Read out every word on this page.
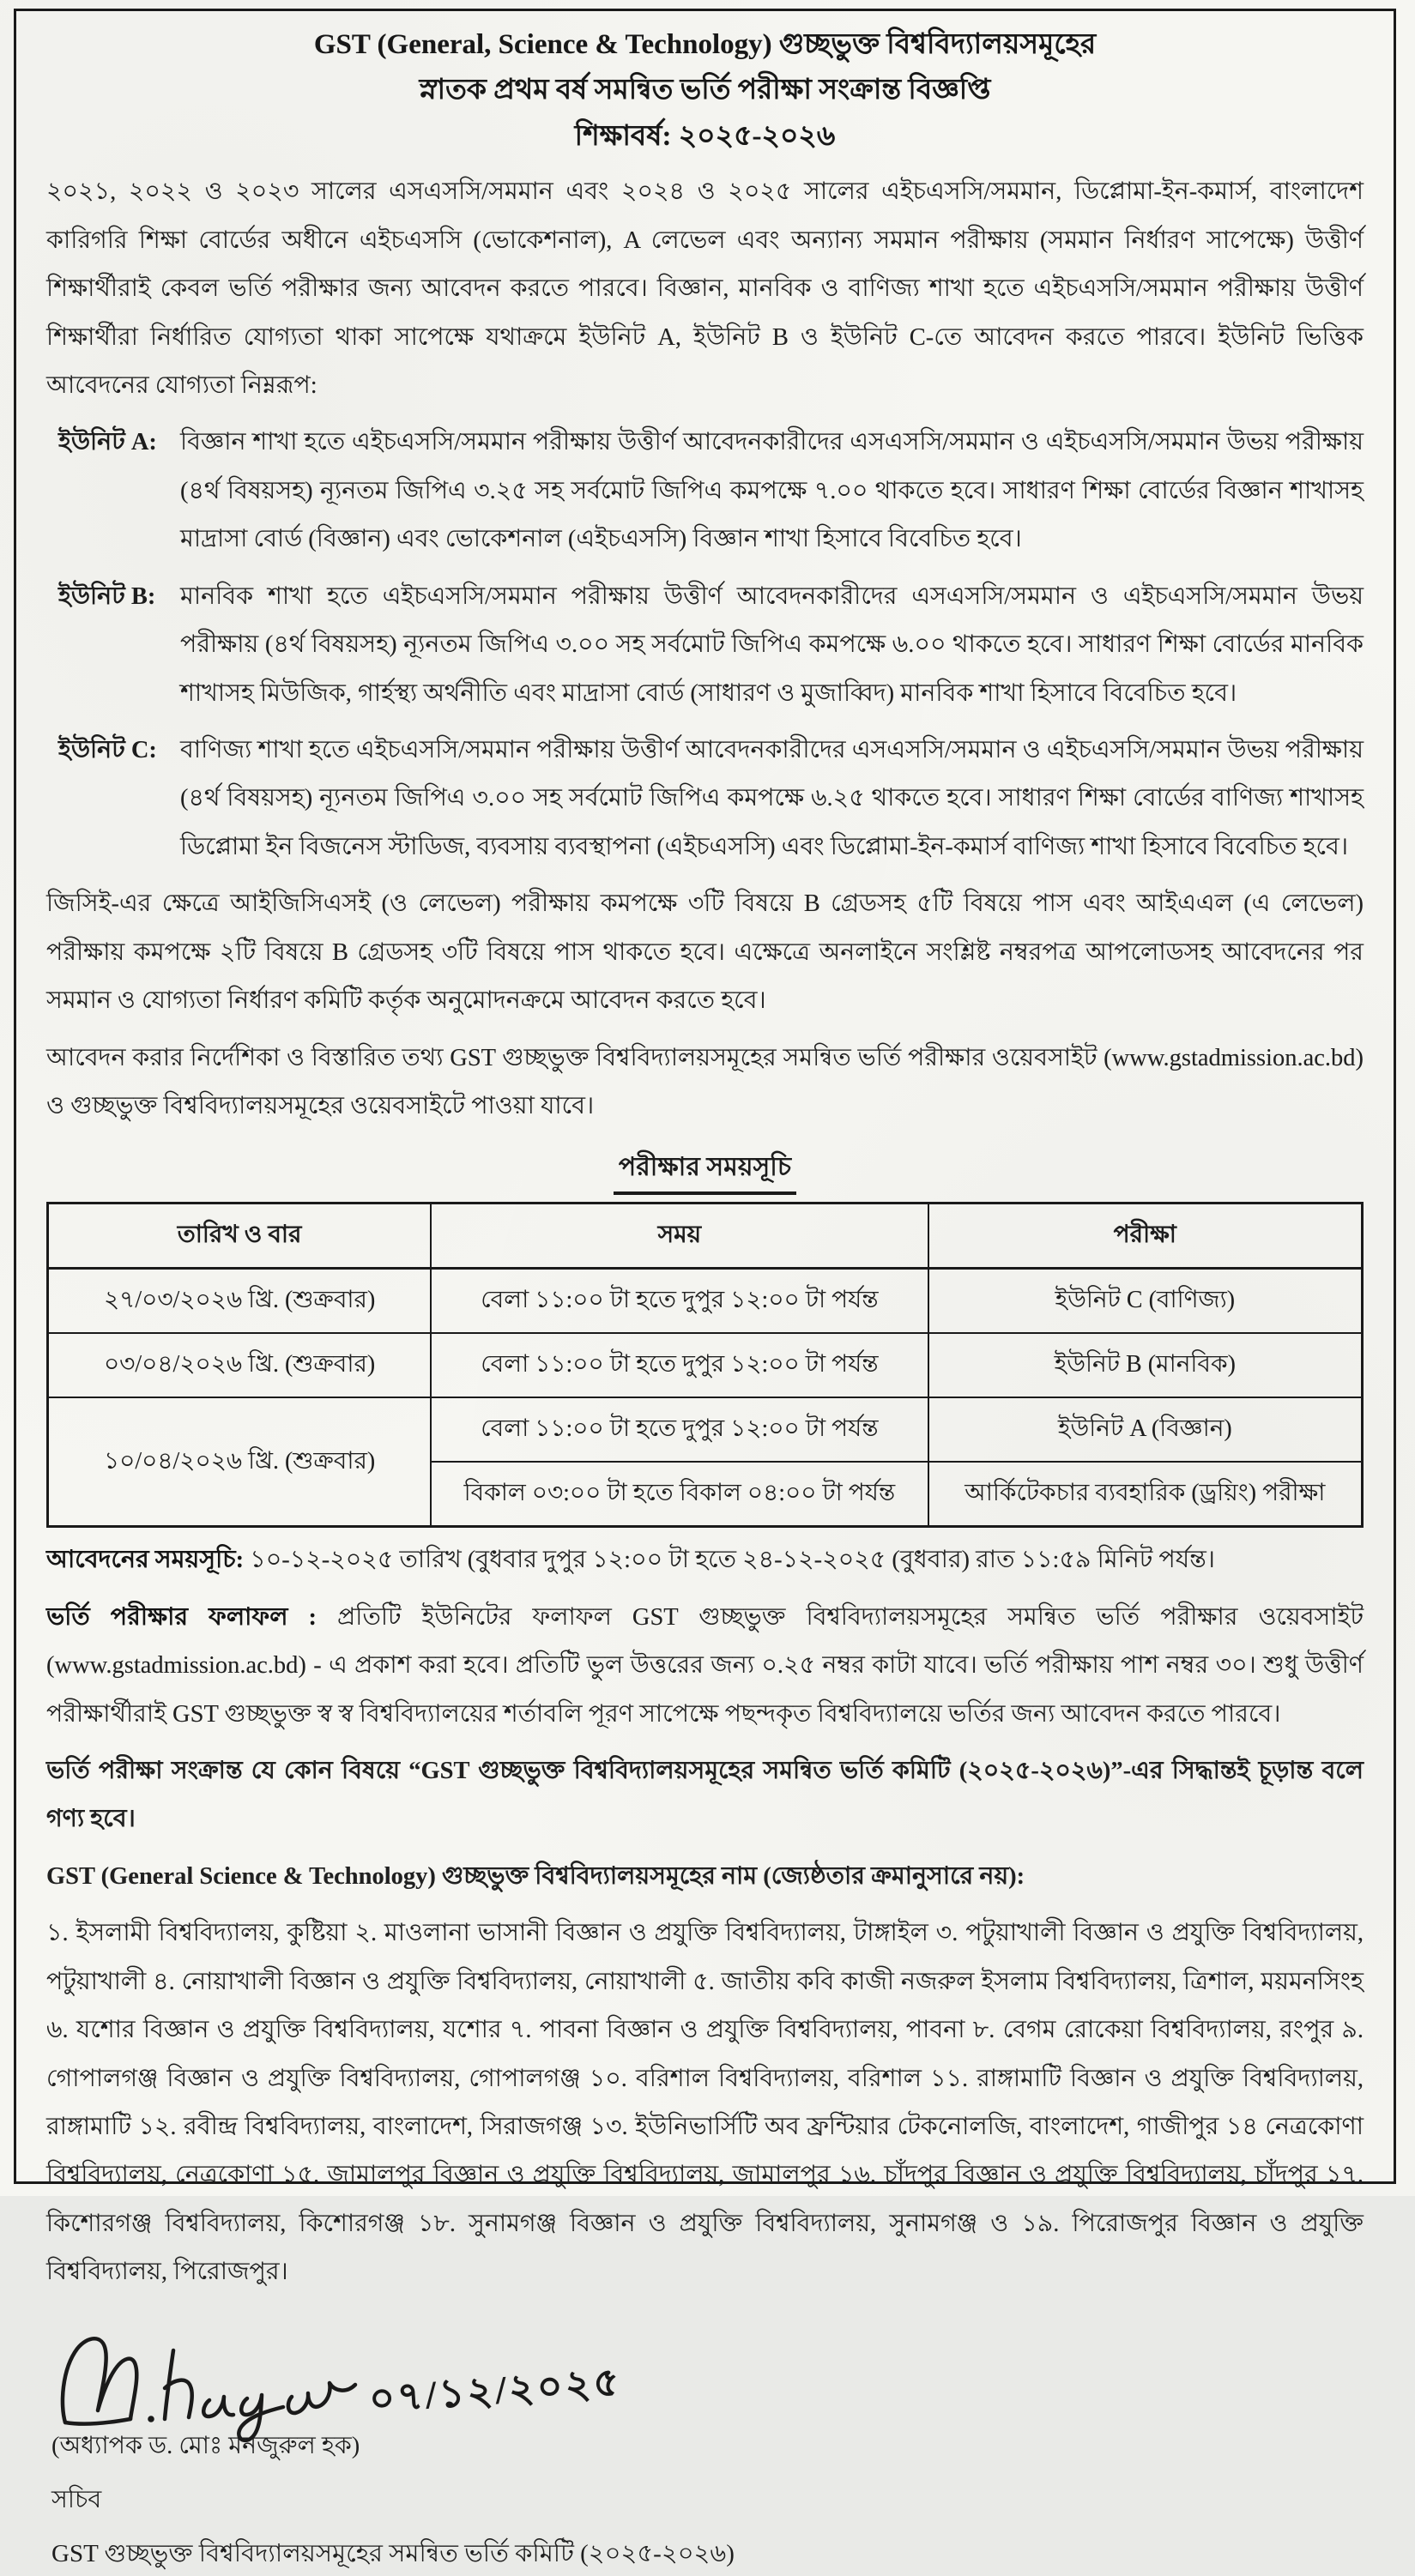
GST (General, Science & Technology) গুচ্ছভুক্ত বিশ্ববিদ্যালয়সমূহের
স্নাতক প্রথম বর্ষ সমন্বিত ভর্তি পরীক্ষা সংক্রান্ত বিজ্ঞপ্তি
শিক্ষাবর্ষ: ২০২৫-২০২৬

২০২১, ২০২২ ও ২০২৩ সালের এসএসসি/সমমান এবং ২০২৪ ও ২০২৫ সালের এইচএসসি/সমমান, ডিপ্লোমা-ইন-কমার্স, বাংলাদেশ কারিগরি শিক্ষা বোর্ডের অধীনে এইচএসসি (ভোকেশনাল), A লেভেল এবং অন্যান্য সমমান পরীক্ষায় (সমমান নির্ধারণ সাপেক্ষে) উত্তীর্ণ শিক্ষার্থীরাই কেবল ভর্তি পরীক্ষার জন্য আবেদন করতে পারবে। বিজ্ঞান, মানবিক ও বাণিজ্য শাখা হতে এইচএসসি/সমমান পরীক্ষায় উত্তীর্ণ শিক্ষার্থীরা নির্ধারিত যোগ্যতা থাকা সাপেক্ষে যথাক্রমে ইউনিট A, ইউনিট B ও ইউনিট C-তে আবেদন করতে পারবে। ইউনিট ভিত্তিক আবেদনের যোগ্যতা নিম্নরূপ:

ইউনিট A: বিজ্ঞান শাখা হতে এইচএসসি/সমমান পরীক্ষায় উত্তীর্ণ আবেদনকারীদের এসএসসি/সমমান ও এইচএসসি/সমমান উভয় পরীক্ষায় (৪র্থ বিষয়সহ) ন্যূনতম জিপিএ ৩.২৫ সহ সর্বমোট জিপিএ কমপক্ষে ৭.০০ থাকতে হবে। সাধারণ শিক্ষা বোর্ডের বিজ্ঞান শাখাসহ মাদ্রাসা বোর্ড (বিজ্ঞান) এবং ভোকেশনাল (এইচএসসি) বিজ্ঞান শাখা হিসাবে বিবেচিত হবে।
ইউনিট B:	মানবিক শাখা হতে এইচএসসি/সমমান পরীক্ষায় উত্তীর্ণ আবেদনকারীদের এসএসসি/সমমান ও এইচএসসি/সমমান উভয় পরীক্ষায় (৪র্থ বিষয়সহ) ন্যূনতম জিপিএ ৩.০০ সহ সর্বমোট জিপিএ কমপক্ষে ৬.০০ থাকতে হবে। সাধারণ শিক্ষা বোর্ডের মানবিক শাখাসহ মিউজিক, গার্হস্থ্য অর্থনীতি এবং মাদ্রাসা বোর্ড (সাধারণ ও মুজাব্বিদ) মানবিক শাখা হিসাবে বিবেচিত হবে।
ইউনিট C: বাণিজ্য শাখা হতে এইচএসসি/সমমান পরীক্ষায় উত্তীর্ণ আবেদনকারীদের এসএসসি/সমমান ও এইচএসসি/সমমান উভয় পরীক্ষায় (৪র্থ বিষয়সহ) ন্যূনতম জিপিএ ৩.০০ সহ সর্বমোট জিপিএ কমপক্ষে ৬.২৫ থাকতে হবে। সাধারণ শিক্ষা বোর্ডের বাণিজ্য শাখাসহ ডিপ্লোমা ইন বিজনেস স্টাডিজ, ব্যবসায় ব্যবস্থাপনা (এইচএসসি) এবং ডিপ্লোমা-ইন-কমার্স বাণিজ্য শাখা হিসাবে বিবেচিত হবে।

জিসিই-এর ক্ষেত্রে আইজিসিএসই (ও লেভেল) পরীক্ষায় কমপক্ষে ৩টি বিষয়ে B গ্রেডসহ ৫টি বিষয়ে পাস এবং আইএএল (এ লেভেল) পরীক্ষায় কমপক্ষে ২টি বিষয়ে B গ্রেডসহ ৩টি বিষয়ে পাস থাকতে হবে। এক্ষেত্রে অনলাইনে সংশ্লিষ্ট নম্বরপত্র আপলোডসহ আবেদনের পর সমমান ও যোগ্যতা নির্ধারণ কমিটি কর্তৃক অনুমোদনক্রমে আবেদন করতে হবে।

আবেদন করার নির্দেশিকা ও বিস্তারিত তথ্য GST গুচ্ছভুক্ত বিশ্ববিদ্যালয়সমূহের সমন্বিত ভর্তি পরীক্ষার ওয়েবসাইট (www.gstadmission.ac.bd) ও গুচ্ছভুক্ত বিশ্ববিদ্যালয়সমূহের ওয়েবসাইটে পাওয়া যাবে।

পরীক্ষার সময়সূচি
তারিখ ও বার	সময়	পরীক্ষা
২৭/০৩/২০২৬ খ্রি. (শুক্রবার)	বেলা ১১:০০ টা হতে দুপুর ১২:০০ টা পর্যন্ত	ইউনিট C (বাণিজ্য)
০৩/০৪/২০২৬ খ্রি. (শুক্রবার)	বেলা ১১:০০ টা হতে দুপুর ১২:০০ টা পর্যন্ত	ইউনিট B (মানবিক)
১০/০৪/২০২৬ খ্রি. (শুক্রবার)	বেলা ১১:০০ টা হতে দুপুর ১২:০০ টা পর্যন্ত	ইউনিট A (বিজ্ঞান)
	বিকাল ০৩:০০ টা হতে বিকাল ০৪:০০ টা পর্যন্ত	আর্কিটেকচার ব্যবহারিক (ড্রয়িং) পরীক্ষা

আবেদনের সময়সূচি: ১০-১২-২০২৫ তারিখ (বুধবার দুপুর ১২:০০ টা হতে ২৪-১২-২০২৫ (বুধবার) রাত ১১:৫৯ মিনিট পর্যন্ত।

ভর্তি পরীক্ষার ফলাফল : প্রতিটি ইউনিটের ফলাফল GST গুচ্ছভুক্ত বিশ্ববিদ্যালয়সমূহের সমন্বিত ভর্তি পরীক্ষার ওয়েবসাইট (www.gstadmission.ac.bd) - এ প্রকাশ করা হবে। প্রতিটি ভুল উত্তরের জন্য ০.২৫ নম্বর কাটা যাবে। ভর্তি পরীক্ষায় পাশ নম্বর ৩০। শুধু উত্তীর্ণ পরীক্ষার্থীরাই GST গুচ্ছভুক্ত স্ব স্ব বিশ্ববিদ্যালয়ের শর্তাবলি পূরণ সাপেক্ষে পছন্দকৃত বিশ্ববিদ্যালয়ে ভর্তির জন্য আবেদন করতে পারবে।

ভর্তি পরীক্ষা সংক্রান্ত যে কোন বিষয়ে “GST গুচ্ছভুক্ত বিশ্ববিদ্যালয়সমূহের সমন্বিত ভর্তি কমিটি (২০২৫-২০২৬)”-এর সিদ্ধান্তই চূড়ান্ত বলে গণ্য হবে।

GST (General Science & Technology) গুচ্ছভুক্ত বিশ্ববিদ্যালয়সমূহের নাম (জ্যেষ্ঠতার ক্রমানুসারে নয়):

১. ইসলামী বিশ্ববিদ্যালয়, কুষ্টিয়া ২. মাওলানা ভাসানী বিজ্ঞান ও প্রযুক্তি বিশ্ববিদ্যালয়, টাঙ্গাইল ৩. পটুয়াখালী বিজ্ঞান ও প্রযুক্তি বিশ্ববিদ্যালয়, পটুয়াখালী ৪. নোয়াখালী বিজ্ঞান ও প্রযুক্তি বিশ্ববিদ্যালয়, নোয়াখালী ৫. জাতীয় কবি কাজী নজরুল ইসলাম বিশ্ববিদ্যালয়, ত্রিশাল, ময়মনসিংহ ৬. যশোর বিজ্ঞান ও প্রযুক্তি বিশ্ববিদ্যালয়, যশোর ৭. পাবনা বিজ্ঞান ও প্রযুক্তি বিশ্ববিদ্যালয়, পাবনা ৮. বেগম রোকেয়া বিশ্ববিদ্যালয়, রংপুর ৯. গোপালগঞ্জ বিজ্ঞান ও প্রযুক্তি বিশ্ববিদ্যালয়, গোপালগঞ্জ ১০. বরিশাল বিশ্ববিদ্যালয়, বরিশাল ১১. রাঙ্গামাটি বিজ্ঞান ও প্রযুক্তি বিশ্ববিদ্যালয়, রাঙ্গামাটি ১২. রবীন্দ্র বিশ্ববিদ্যালয়, বাংলাদেশ, সিরাজগঞ্জ ১৩. ইউনিভার্সিটি অব ফ্রন্টিয়ার টেকনোলজি, বাংলাদেশ, গাজীপুর ১৪ নেত্রকোণা বিশ্ববিদ্যালয়, নেত্রকোণা ১৫. জামালপুর বিজ্ঞান ও প্রযুক্তি বিশ্ববিদ্যালয়, জামালপুর ১৬. চাঁদপুর বিজ্ঞান ও প্রযুক্তি বিশ্ববিদ্যালয়, চাঁদপুর ১৭. কিশোরগঞ্জ বিশ্ববিদ্যালয়, কিশোরগঞ্জ ১৮. সুনামগঞ্জ বিজ্ঞান ও প্রযুক্তি বিশ্ববিদ্যালয়, সুনামগঞ্জ ও ১৯. পিরোজপুর বিজ্ঞান ও প্রযুক্তি বিশ্ববিদ্যালয়, পিরোজপুর।

০৭/১২/২০২৫
(অধ্যাপক ড. মোঃ মনজুরুল হক)
সচিব
GST গুচ্ছভুক্ত বিশ্ববিদ্যালয়সমূহের সমন্বিত ভর্তি কমিটি (২০২৫-২০২৬)
